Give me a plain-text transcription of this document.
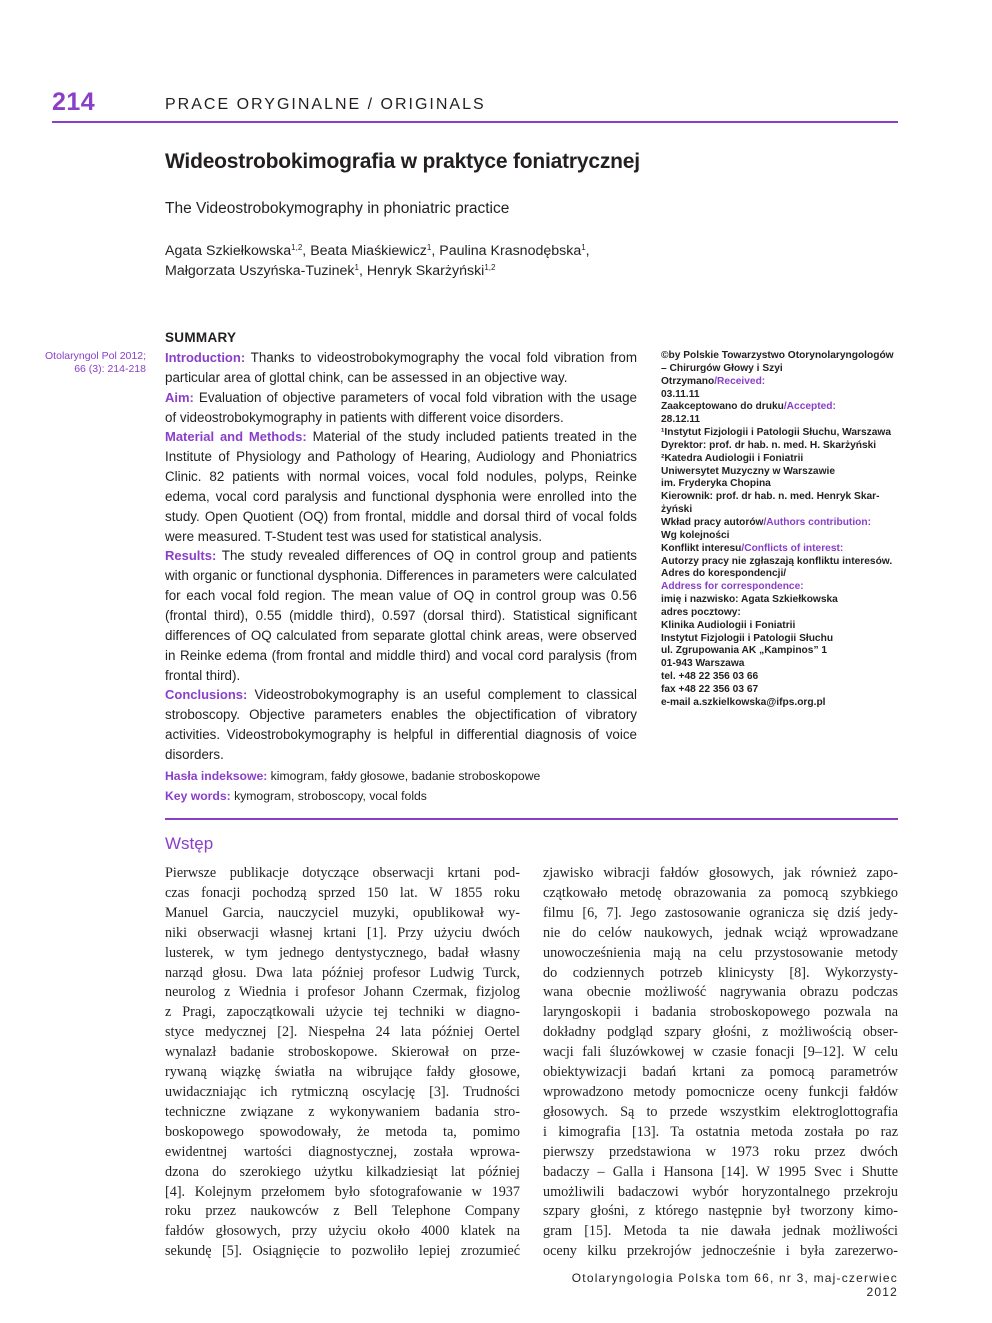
214	PRACE ORYGINALNE / ORIGINALS
Wideostrobokimografia w praktyce foniatrycznej
The Videostrobokymography in phoniatric practice
Agata Szkiełkowska$^{1,2}$, Beata Miaśkiewicz$^1$, Paulina Krasnodębska$^1$,
Małgorzata Uszyńska-Tuzinek$^1$, Henryk Skarżyński$^{1,2}$
Otolaryngol Pol 2012;
66 (3): 214-218
SUMMARY

Introduction: Thanks to videostrobokymography the vocal fold vibration from particular area of glottal chink, can be assessed in an objective way.

Aim: Evaluation of objective parameters of vocal fold vibration with the usage of videostrobokymography in patients with different voice disorders.

Material and Methods: Material of the study included patients treated in the Institute of Physiology and Pathology of Hearing, Audiology and Phoniatrics Clinic. 82 patients with normal voices, vocal fold nodules, polyps, Reinke edema, vocal cord paralysis and functional dysphonia were enrolled into the study. Open Quotient (OQ) from frontal, middle and dorsal third of vocal folds were measured. T-Student test was used for statistical analysis.

Results: The study revealed differences of OQ in control group and patients with organic or functional dysphonia. Differences in parameters were calculated for each vocal fold region. The mean value of OQ in control group was 0.56 (frontal third), 0.55 (middle third), 0.597 (dorsal third). Statistical significant differences of OQ calculated from separate glottal chink areas, were observed in Reinke edema (from frontal and middle third) and vocal cord paralysis (from frontal third).

Conclusions: Videostrobokymography is an useful complement to classical stroboscopy. Objective parameters enables the objectification of vibratory activities. Videostrobokymography is helpful in differential diagnosis of voice disorders.

Hasła indeksowe: kimogram, fałdy głosowe, badanie stroboskopowe
Key words: kymogram, stroboscopy, vocal folds
©by Polskie Towarzystwo Otorynolaryngologów
– Chirurgów Głowy i Szyi
Otrzymano/Received:
03.11.11
Zaakceptowano do druku/Accepted:
28.12.11
¹Instytut Fizjologii i Patologii Słuchu, Warszawa
Dyrektor: prof. dr hab. n. med. H. Skarżyński
²Katedra Audiologii i Foniatrii
Uniwersytet Muzyczny w Warszawie
im. Fryderyka Chopina
Kierownik: prof. dr hab. n. med. Henryk Skar-
żyński
Wkład pracy autorów/Authors contribution:
Wg kolejności
Konflikt interesu/Conflicts of interest:
Autorzy pracy nie zgłaszają konfliktu interesów.
Adres do korespondencji/
Address for correspondence:
imię i nazwisko: Agata Szkiełkowska
adres pocztowy:
Klinika Audiologii i Foniatrii
Instytut Fizjologii i Patologii Słuchu
ul. Zgrupowania AK „Kampinos” 1
01-943 Warszawa
tel. +48 22 356 03 66
fax +48 22 356 03 67
e-mail a.szkielkowska@ifps.org.pl
Wstęp
Pierwsze publikacje dotyczące obserwacji krtani pod-
czas fonacji pochodzą sprzed 150 lat. W 1855 roku
Manuel Garcia, nauczyciel muzyki, opublikował wy-
niki obserwacji własnej krtani [1]. Przy użyciu dwóch
lusterek, w tym jednego dentystycznego, badał własny
narząd głosu. Dwa lata później profesor Ludwig Turck,
neurolog z Wiednia i profesor Johann Czermak, fizjolog
z Pragi, zapoczątkowali użycie tej techniki w diagno-
styce medycznej [2]. Niespełna 24 lata później Oertel
wynalazł badanie stroboskopowe. Skierował on prze-
rywaną wiązkę światła na wibrujące fałdy głosowe,
uwidaczniając ich rytmiczną oscylację [3]. Trudności
techniczne związane z wykonywaniem badania stro-
boskopowego spowodowały, że metoda ta, pomimo
ewidentnej wartości diagnostycznej, została wprowa-
dzona do szerokiego użytku kilkadziesiąt lat później
[4]. Kolejnym przełomem było sfotografowanie w 1937
roku przez naukowców z Bell Telephone Company
fałdów głosowych, przy użyciu około 4000 klatek na
sekundę [5]. Osiągnięcie to pozwoliło lepiej zrozumieć
zjawisko wibracji fałdów głosowych, jak również zapo-
czątkowało metodę obrazowania za pomocą szybkiego
filmu [6, 7]. Jego zastosowanie ogranicza się dziś jedy-
nie do celów naukowych, jednak wciąż wprowadzane
unowocześnienia mają na celu przystosowanie metody
do codziennych potrzeb klinicysty [8]. Wykorzysty-
wana obecnie możliwość nagrywania obrazu podczas
laryngoskopii i badania stroboskopowego pozwala na
dokładny podgląd szpary głośni, z możliwością obser-
wacji fali śluzówkowej w czasie fonacji [9–12]. W celu
obiektywizacji badań krtani za pomocą parametrów
wprowadzono metody pomocnicze oceny funkcji fałdów
głosowych. Są to przede wszystkim elektroglottografia
i kimografia [13]. Ta ostatnia metoda została po raz
pierwszy przedstawiona w 1973 roku przez dwóch
badaczy – Galla i Hansona [14]. W 1995 Svec i Shutte
umożliwili badaczowi wybór horyzontalnego przekroju
szpary głośni, z którego następnie był tworzony kimo-
gram [15]. Metoda ta nie dawała jednak możliwości
oceny kilku przekrojów jednocześnie i była zarezerwo-
Otolaryngologia Polska tom 66, nr 3, maj-czerwiec 2012
